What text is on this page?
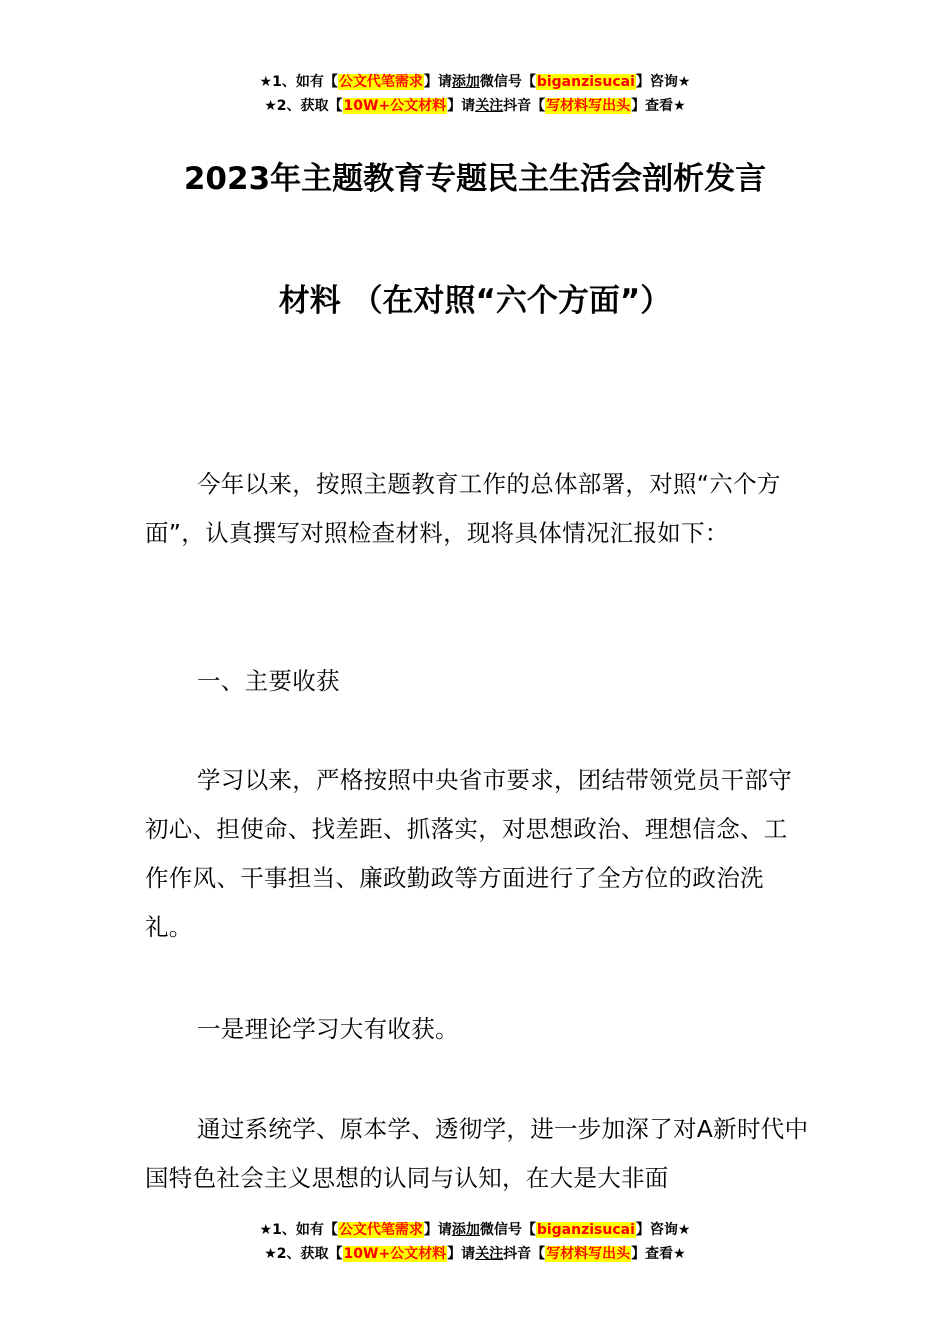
★1、如有【公文代笔需求】请添加微信号【biganzisucai】咨询★
★2、获取【10W+公文材料】请关注抖音【写材料写出头】查看★
2023年主题教育专题民主生活会剖析发言
材料 （在对照“六个方面”）

今年以来，按照主题教育工作的总体部署，对照“六个方面”，认真撰写对照检查材料，现将具体情况汇报如下：

一、主要收获

学习以来，严格按照中央省市要求，团结带领党员干部守初心、担使命、找差距、抓落实，对思想政治、理想信念、工作作风、干事担当、廉政勤政等方面进行了全方位的政治洗礼。

一是理论学习大有收获。

通过系统学、原本学、透彻学，进一步加深了对A新时代中国特色社会主义思想的认同与认知，在大是大非面

★1、如有【公文代笔需求】请添加微信号【biganzisucai】咨询★
★2、获取【10W+公文材料】请关注抖音【写材料写出头】查看★
